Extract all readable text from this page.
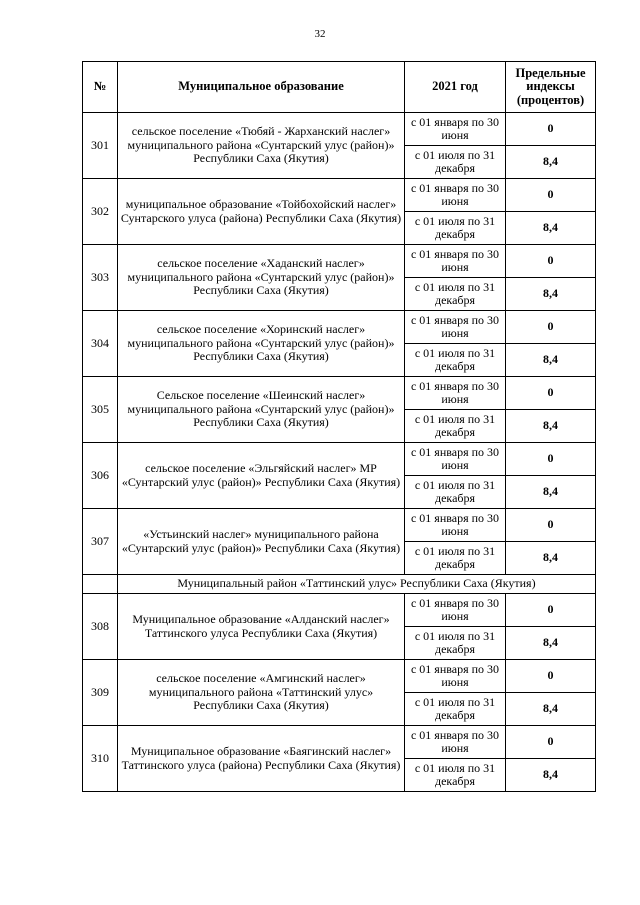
32
№	Муниципальное образование	2021 год	Предельные индексы (процентов)
301	сельское поселение «Тюбяй - Жарханский наслег» муниципального района «Сунтарский улус (район)» Республики Саха (Якутия)	с 01 января по 30 июня	0
		с 01 июля по 31 декабря	8,4
302	муниципальное образование «Тойбохойский наслег» Сунтарского улуса (района) Республики Саха (Якутия)	с 01 января по 30 июня	0
		с 01 июля по 31 декабря	8,4
303	сельское поселение «Хаданский наслег» муниципального района «Сунтарский улус (район)» Республики Саха (Якутия)	с 01 января по 30 июня	0
		с 01 июля по 31 декабря	8,4
304	сельское поселение «Хоринский наслег» муниципального района «Сунтарский улус (район)» Республики Саха (Якутия)	с 01 января по 30 июня	0
		с 01 июля по 31 декабря	8,4
305	Сельское поселение «Шеинский наслег» муниципального района «Сунтарский улус (район)» Республики Саха (Якутия)	с 01 января по 30 июня	0
		с 01 июля по 31 декабря	8,4
306	сельское поселение «Эльгяйский наслег» МР «Сунтарский улус (район)» Республики Саха (Якутия)	с 01 января по 30 июня	0
		с 01 июля по 31 декабря	8,4
307	«Устьинский наслег» муниципального района «Сунтарский улус (район)» Республики Саха (Якутия)	с 01 января по 30 июня	0
		с 01 июля по 31 декабря	8,4
	Муниципальный район «Таттинский улус» Республики Саха (Якутия)		
308	Муниципальное образование «Алданский наслег» Таттинского улуса Республики Саха (Якутия)	с 01 января по 30 июня	0
		с 01 июля по 31 декабря	8,4
309	сельское поселение «Амгинский наслег» муниципального района «Таттинский улус» Республики Саха (Якутия)	с 01 января по 30 июня	0
		с 01 июля по 31 декабря	8,4
310	Муниципальное образование «Баягинский наслег» Таттинского улуса (района) Республики Саха (Якутия)	с 01 января по 30 июня	0
		с 01 июля по 31 декабря	8,4
